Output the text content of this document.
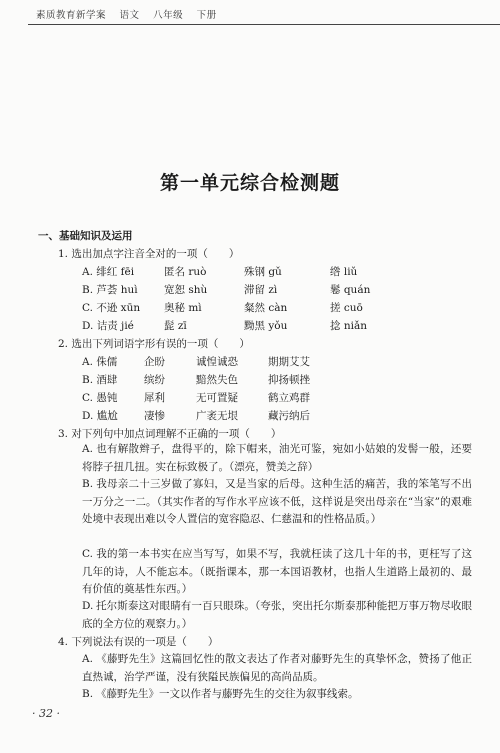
素质教育新学案 语文 八年级 下册
第一单元综合检测题
一、基础知识及运用
1. 选出加点字注音全对的一项（　　）
A. 绯红 fēi	匿名 ruò	殊钢 gǔ	绺 liǔ
B. 芦荟 huì	宽恕 shù	滞留 zì	鬈 quán
C. 不逊 xūn 奥秘 mì	粲然 càn	搓 cuō
D. 诘责 jié	髭 zī	黝黑 yǒu	捻 niǎn
2. 选出下列词语字形有误的一项（　　）
A. 侏儒	企盼	诚惶诚恐	期期艾艾
B. 酒肆	缤纷	黯然失色	抑扬顿挫
C. 愚钝	犀利	无可置疑	鹤立鸡群
D. 尴尬	凄惨	广袤无垠	藏污纳后
3. 对下列句中加点词理解不正确的一项（　　）
A. 也有解散辫子，盘得平的，除下帽来，油光可鉴，宛如小姑娘的发髻一般，还要将脖子扭几扭。实在标致极了。（漂亮，赞美之辞）
B. 我母亲二十三岁做了寡妇，又是当家的后母。这种生活的痛苦，我的笨笔写不出一万分之一二。（其实作者的写作水平应该不低，这样说是突出母亲在“当家”的艰难处境中表现出难以令人置信的宽容隐忍、仁慈温和的性格品质。）
C. 我的第一本书实在应当写写，如果不写，我就枉读了这几十年的书，更枉写了这几年的诗，人不能忘本。（既指课本，那一本国语教材，也指人生道路上最初的、最有价值的奠基性东西。）
D. 托尔斯泰这对眼睛有一百只眼珠。（夸张，突出托尔斯泰那种能把万事万物尽收眼底的全方位的观察力。）
4. 下列说法有误的一项是（　　）
A. 《藤野先生》这篇回忆性的散文表达了作者对藤野先生的真挚怀念，赞扬了他正直热诚，治学严谨，没有狭隘民族偏见的高尚品质。
B. 《藤野先生》一文以作者与藤野先生的交往为叙事线索。
· 32 ·
